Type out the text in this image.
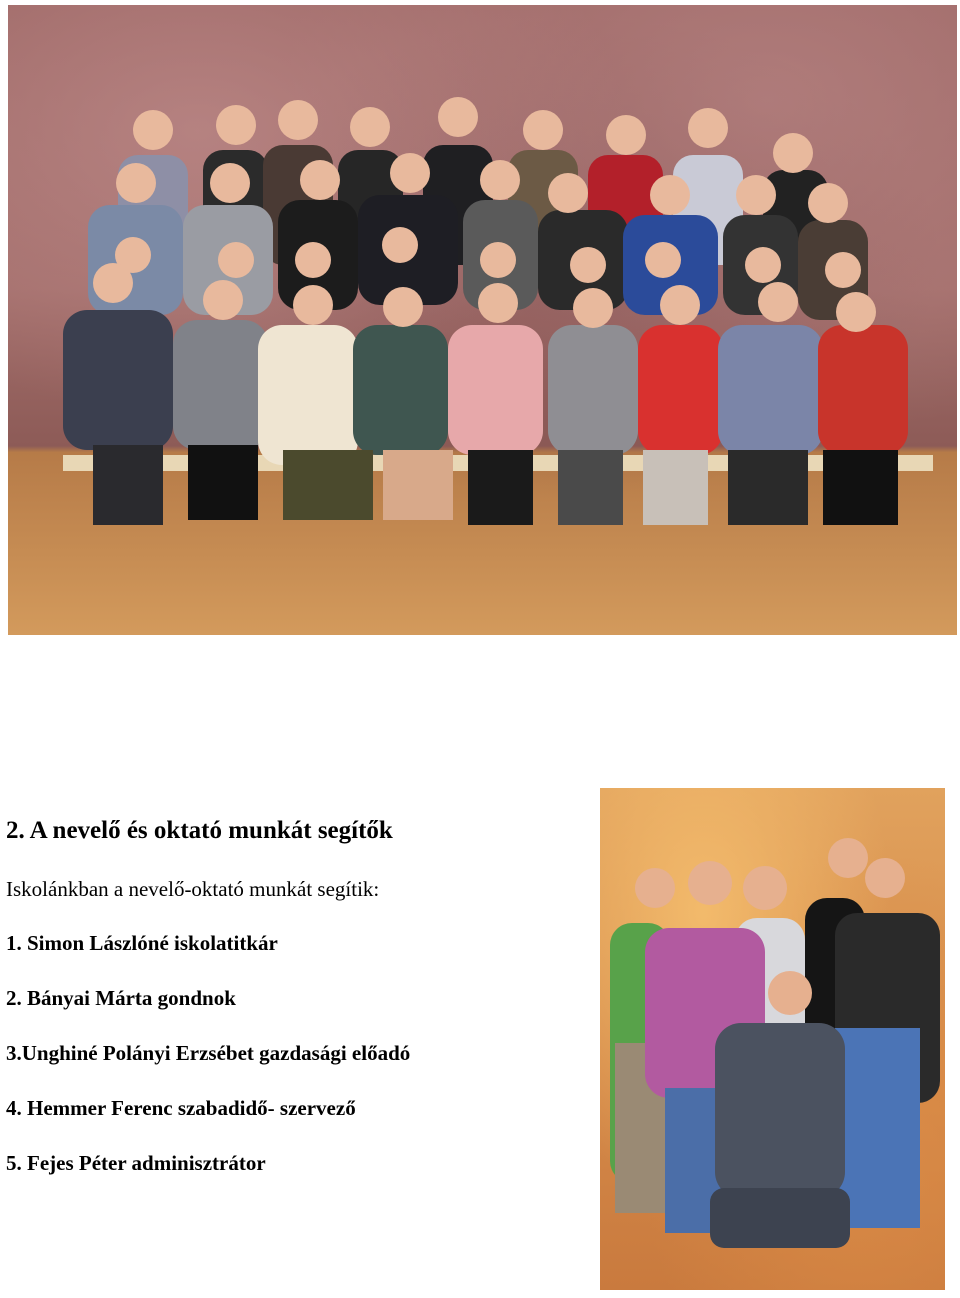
2. A nevelő és oktató munkát segítők

Iskolánkban a nevelő-oktató munkát segítik:

1. Simon Lászlóné iskolatitkár
2. Bányai Márta gondnok
3.Unghiné Polányi Erzsébet gazdasági előadó
4. Hemmer Ferenc szabadidő- szervező
5. Fejes Péter adminisztrátor
